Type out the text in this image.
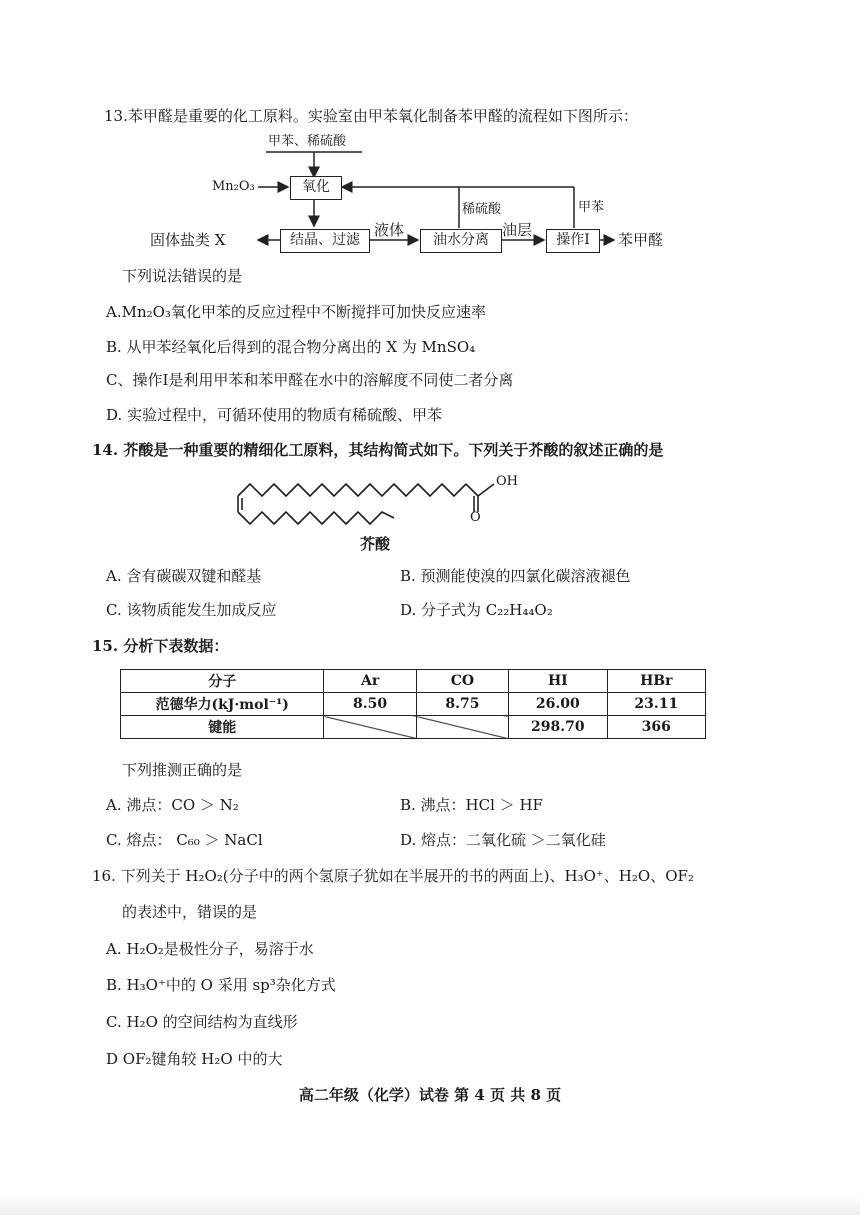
13.苯甲醛是重要的化工原料。实验室由甲苯氧化制备苯甲醛的流程如下图所示：
甲苯、稀硫酸
Mn₂O₃	氧化
固体盐类 X	结晶、过滤
液体
油水分离
稀硫酸
油层
操作Ⅰ
甲苯
苯甲醛
下列说法错误的是
A.Mn₂O₃氧化甲苯的反应过程中不断搅拌可加快反应速率
B. 从甲苯经氧化后得到的混合物分离出的 X 为 MnSO₄
C、操作Ⅰ是利用甲苯和苯甲醛在水中的溶解度不同使二者分离
D. 实验过程中，可循环使用的物质有稀硫酸、甲苯
14. 芥酸是一种重要的精细化工原料，其结构简式如下。下列关于芥酸的叙述正确的是
OH
O
芥酸
A. 含有碳碳双键和醛基	B. 预测能使溴的四氯化碳溶液褪色
C. 该物质能发生加成反应	D. 分子式为 C₂₂H₄₄O₂
15. 分析下表数据：
分子	Ar	CO	HI	HBr
范德华力(kJ·mol⁻¹)	8.50	8.75	26.00	23.11
键能			298.70	366
下列推测正确的是
A. 沸点：CO ＞ N₂	B. 沸点：HCl ＞ HF
C. 熔点： C₆₀ ＞ NaCl	D. 熔点：二氧化硫 ＞二氧化硅
16. 下列关于 H₂O₂(分子中的两个氢原子犹如在半展开的书的两面上)、H₃O⁺、H₂O、OF₂
的表述中，错误的是
A. H₂O₂是极性分子，易溶于水
B. H₃O⁺中的 O 采用 sp³杂化方式
C. H₂O 的空间结构为直线形
D OF₂键角较 H₂O 中的大
高二年级（化学）试卷 第 4 页 共 8 页
